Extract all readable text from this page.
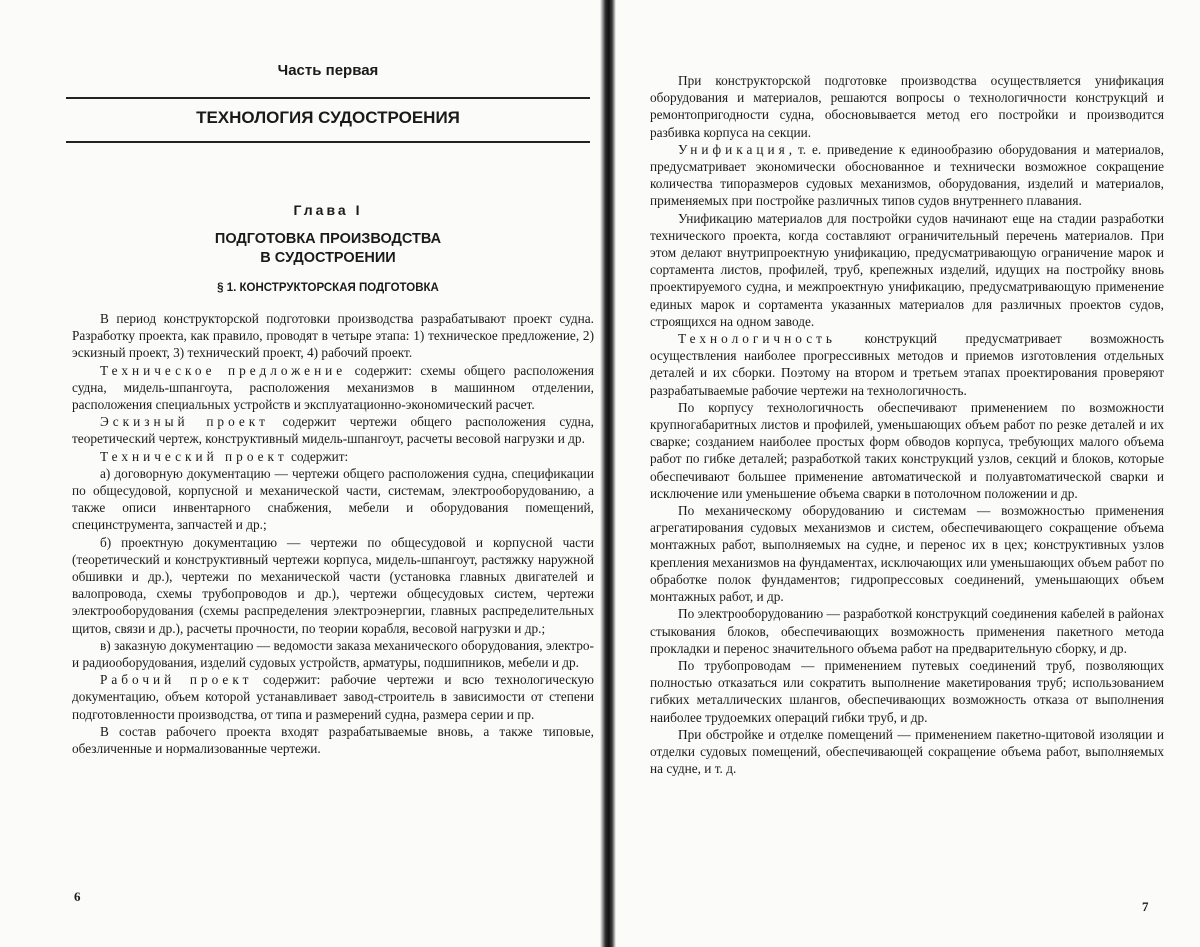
Часть первая
ТЕХНОЛОГИЯ СУДОСТРОЕНИЯ
Глава I
ПОДГОТОВКА ПРОИЗВОДСТВА
В СУДОСТРОЕНИИ
§ 1. КОНСТРУКТОРСКАЯ ПОДГОТОВКА

В период конструкторской подготовки производства разрабатывают проект судна. Разработку проекта, как правило, проводят в четыре этапа: 1) техническое предложение, 2) эскизный проект, 3) технический проект, 4) рабочий проект.

Техническое предложение содержит: схемы общего расположения судна, мидель-шпангоута, расположения механизмов в машинном отделении, расположения специальных устройств и эксплуатационно-экономический расчет.

Эскизный проект содержит чертежи общего расположения судна, теоретический чертеж, конструктивный мидель-шпангоут, расчеты весовой нагрузки и др.

Технический проект содержит:

а) договорную документацию — чертежи общего расположения судна, спецификации по общесудовой, корпусной и механической части, системам, электрооборудованию, а также описи инвентарного снабжения, мебели и оборудования помещений, специнструмента, запчастей и др.;

б) проектную документацию — чертежи по общесудовой и корпусной части (теоретический и конструктивный чертежи корпуса, мидель-шпангоут, растяжку наружной обшивки и др.), чертежи по механической части (установка главных двигателей и валопровода, схемы трубопроводов и др.), чертежи общесудовых систем, чертежи электрооборудования (схемы распределения электроэнергии, главных распределительных щитов, связи и др.), расчеты прочности, по теории корабля, весовой нагрузки и др.;

в) заказную документацию — ведомости заказа механического оборудования, электро- и радиооборудования, изделий судовых устройств, арматуры, подшипников, мебели и др.

Рабочий проект содержит: рабочие чертежи и всю технологическую документацию, объем которой устанавливает завод-строитель в зависимости от степени подготовленности производства, от типа и размерений судна, размера серии и пр.

В состав рабочего проекта входят разрабатываемые вновь, а также типовые, обезличенные и нормализованные чертежи.

При конструкторской подготовке производства осуществляется унификация оборудования и материалов, решаются вопросы о технологичности конструкций и ремонтопригодности судна, обосновывается метод его постройки и производится разбивка корпуса на секции.

Унификация, т. е. приведение к единообразию оборудования и материалов, предусматривает экономически обоснованное и технически возможное сокращение количества типоразмеров судовых механизмов, оборудования, изделий и материалов, применяемых при постройке различных типов судов внутреннего плавания.

Унификацию материалов для постройки судов начинают еще на стадии разработки технического проекта, когда составляют ограничительный перечень материалов. При этом делают внутрипроектную унификацию, предусматривающую ограничение марок и сортамента листов, профилей, труб, крепежных изделий, идущих на постройку вновь проектируемого судна, и межпроектную унификацию, предусматривающую применение единых марок и сортамента указанных материалов для различных проектов судов, строящихся на одном заводе.

Технологичность конструкций предусматривает возможность осуществления наиболее прогрессивных методов и приемов изготовления отдельных деталей и их сборки. Поэтому на втором и третьем этапах проектирования проверяют разрабатываемые рабочие чертежи на технологичность.

По корпусу технологичность обеспечивают применением по возможности крупногабаритных листов и профилей, уменьшающих объем работ по резке деталей и их сварке; созданием наиболее простых форм обводов корпуса, требующих малого объема работ по гибке деталей; разработкой таких конструкций узлов, секций и блоков, которые обеспечивают большее применение автоматической и полуавтоматической сварки и исключение или уменьшение объема сварки в потолочном положении и др.

По механическому оборудованию и системам — возможностью применения агрегатирования судовых механизмов и систем, обеспечивающего сокращение объема монтажных работ, выполняемых на судне, и перенос их в цех; конструктивных узлов крепления механизмов на фундаментах, исключающих или уменьшающих объем работ по обработке полок фундаментов; гидропрессовых соединений, уменьшающих объем монтажных работ, и др.

По электрооборудованию — разработкой конструкций соединения кабелей в районах стыкования блоков, обеспечивающих возможность применения пакетного метода прокладки и перенос значительного объема работ на предварительную сборку, и др.

По трубопроводам — применением путевых соединений труб, позволяющих полностью отказаться или сократить выполнение макетирования труб; использованием гибких металлических шлангов, обеспечивающих возможность отказа от выполнения наиболее трудоемких операций гибки труб, и др.

При обстройке и отделке помещений — применением пакетно-щитовой изоляции и отделки судовых помещений, обеспечивающей сокращение объема работ, выполняемых на судне, и т. д.

6
7
